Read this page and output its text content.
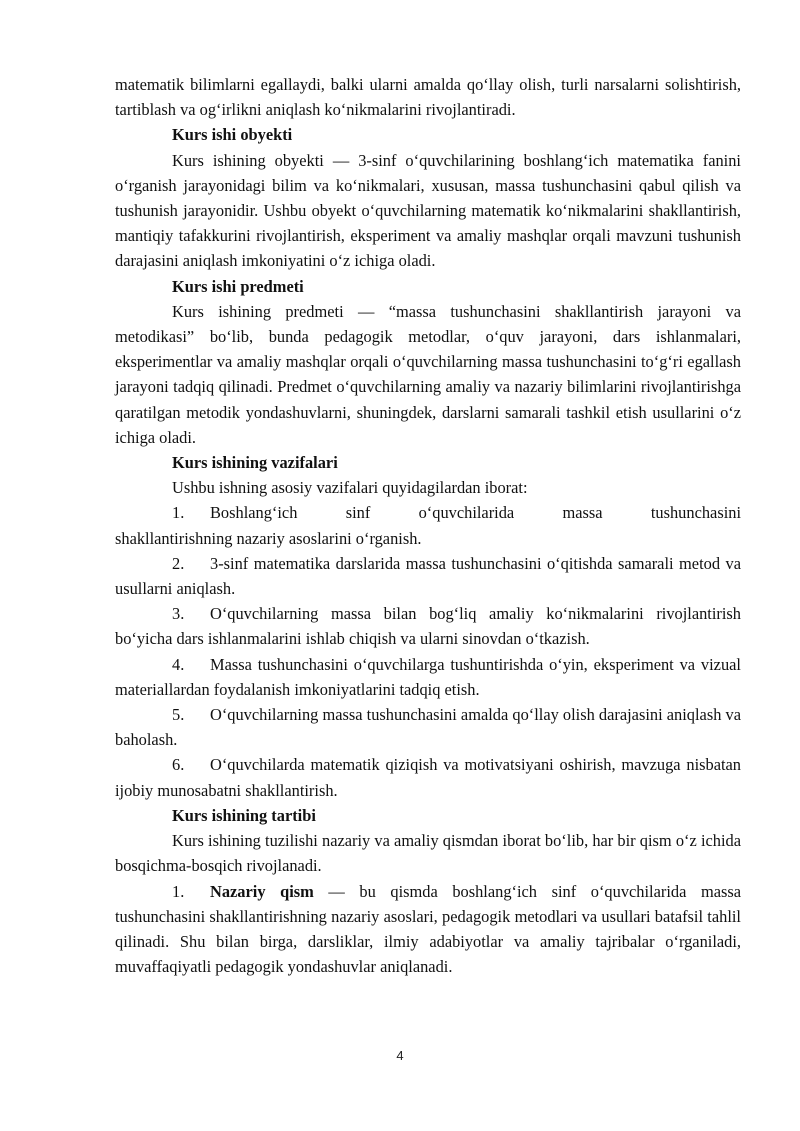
matematik bilimlarni egallaydi, balki ularni amalda qo‘llay olish, turli narsalarni solishtirish, tartiblash va og‘irlikni aniqlash ko‘nikmalarini rivojlantiradi.

Kurs ishi obyekti

Kurs ishining obyekti — 3-sinf o‘quvchilarining boshlang‘ich matematika fanini o‘rganish jarayonidagi bilim va ko‘nikmalari, xususan, massa tushunchasini qabul qilish va tushunish jarayonidir. Ushbu obyekt o‘quvchilarning matematik ko‘nikmalarini shakllantirish, mantiqiy tafakkurini rivojlantirish, eksperiment va amaliy mashqlar orqali mavzuni tushunish darajasini aniqlash imkoniyatini o‘z ichiga oladi.

Kurs ishi predmeti

Kurs ishining predmeti — “massa tushunchasini shakllantirish jarayoni va metodikasi” bo‘lib, bunda pedagogik metodlar, o‘quv jarayoni, dars ishlanmalari, eksperimentlar va amaliy mashqlar orqali o‘quvchilarning massa tushunchasini to‘g‘ri egallash jarayoni tadqiq qilinadi. Predmet o‘quvchilarning amaliy va nazariy bilimlarini rivojlantirishga qaratilgan metodik yondashuvlarni, shuningdek, darslarni samarali tashkil etish usullarini o‘z ichiga oladi.

Kurs ishining vazifalari

Ushbu ishning asosiy vazifalari quyidagilardan iborat:

1. Boshlang‘ich sinf o‘quvchilarida massa tushunchasini
shakllantirishning nazariy asoslarini o‘rganish.

2. 3-sinf matematika darslarida massa tushunchasini o‘qitishda samarali metod va usullarni aniqlash.

3. O‘quvchilarning massa bilan bog‘liq amaliy ko‘nikmalarini rivojlantirish bo‘yicha dars ishlanmalarini ishlab chiqish va ularni sinovdan o‘tkazish.

4. Massa tushunchasini o‘quvchilarga tushuntirishda o‘yin, eksperiment va vizual materiallardan foydalanish imkoniyatlarini tadqiq etish.

5. O‘quvchilarning massa tushunchasini amalda qo‘llay olish darajasini aniqlash va baholash.

6. O‘quvchilarda matematik qiziqish va motivatsiyani oshirish, mavzuga nisbatan ijobiy munosabatni shakllantirish.

Kurs ishining tartibi

Kurs ishining tuzilishi nazariy va amaliy qismdan iborat bo‘lib, har bir qism o‘z ichida bosqichma-bosqich rivojlanadi.

1. Nazariy qism — bu qismda boshlang‘ich sinf o‘quvchilarida massa tushunchasini shakllantirishning nazariy asoslari, pedagogik metodlari va usullari batafsil tahlil qilinadi. Shu bilan birga, darsliklar, ilmiy adabiyotlar va amaliy tajribalar o‘rganiladi, muvaffaqiyatli pedagogik yondashuvlar aniqlanadi.

4
